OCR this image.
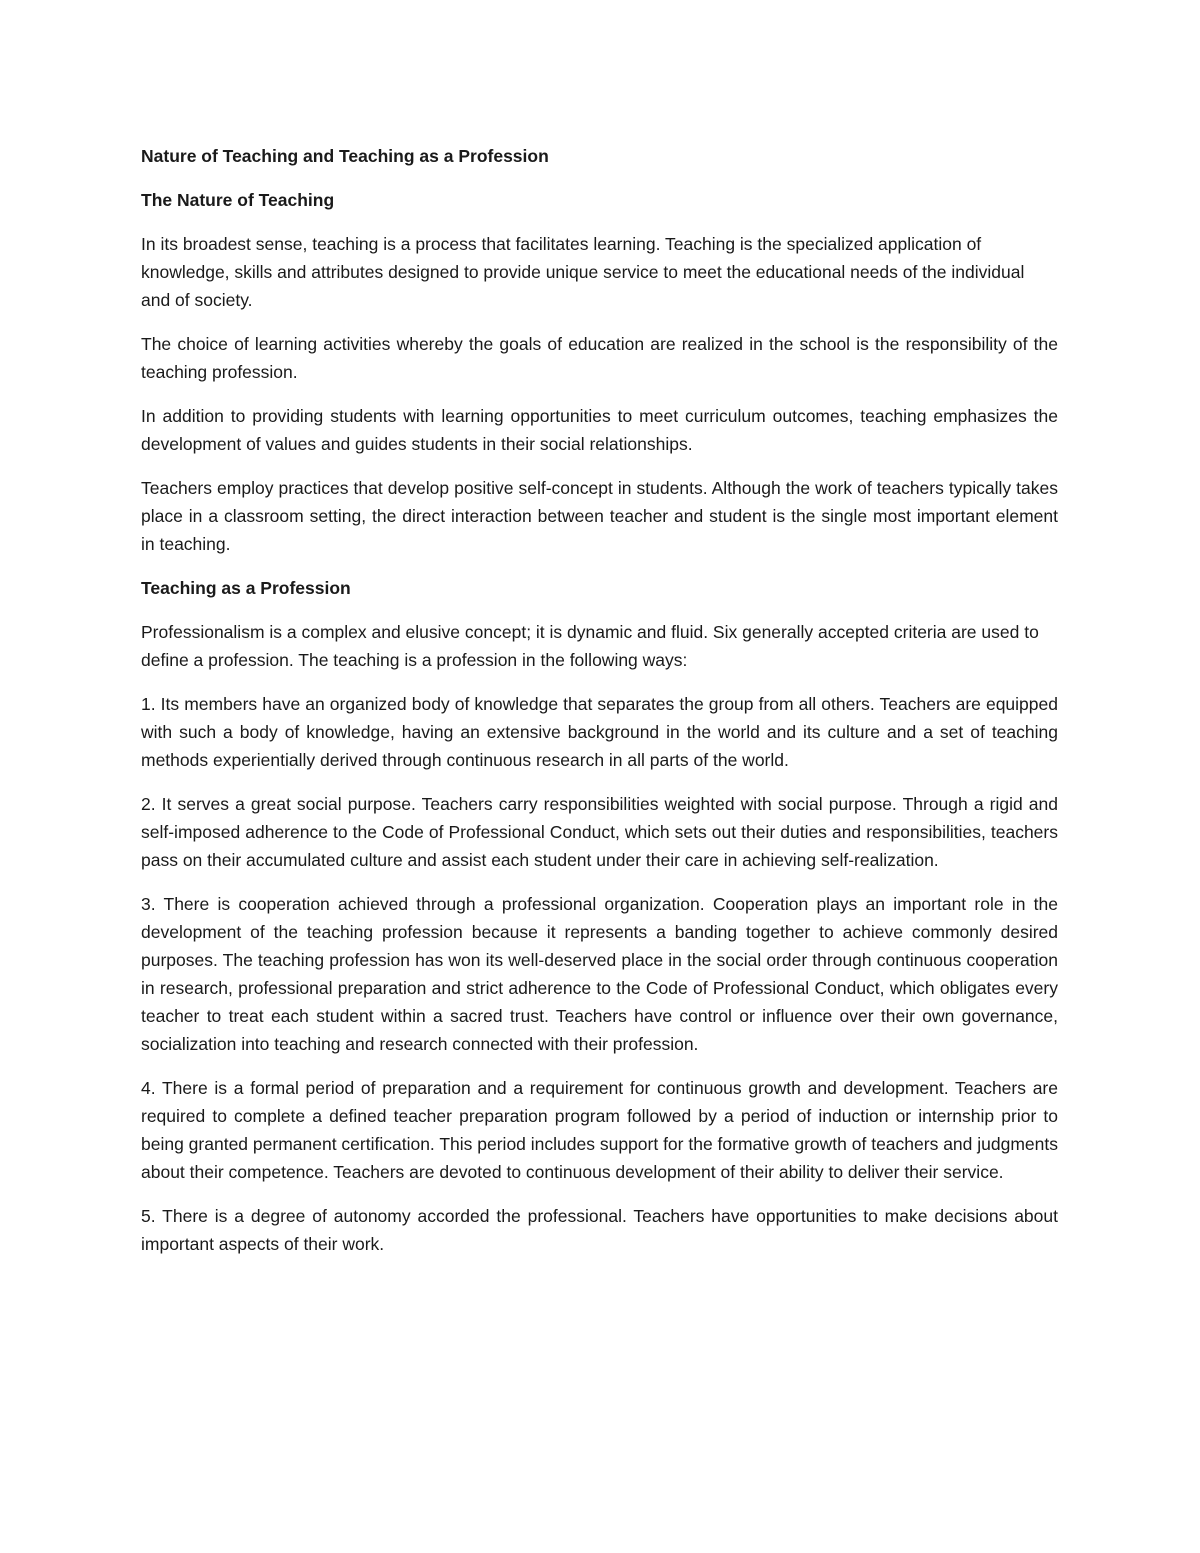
Nature of Teaching and Teaching as a Profession
The Nature of Teaching

In its broadest sense, teaching is a process that facilitates learning. Teaching is the specialized application of knowledge, skills and attributes designed to provide unique service to meet the educational needs of the individual and of society.

The choice of learning activities whereby the goals of education are realized in the school is the responsibility of the teaching profession.

In addition to providing students with learning opportunities to meet curriculum outcomes, teaching emphasizes the development of values and guides students in their social relationships.

Teachers employ practices that develop positive self-concept in students. Although the work of teachers typically takes place in a classroom setting, the direct interaction between teacher and student is the single most important element in teaching.

Teaching as a Profession

Professionalism is a complex and elusive concept; it is dynamic and fluid. Six generally accepted criteria are used to define a profession. The teaching is a profession in the following ways:

1. Its members have an organized body of knowledge that separates the group from all others. Teachers are equipped with such a body of knowledge, having an extensive background in the world and its culture and a set of teaching methods experientially derived through continuous research in all parts of the world.

2. It serves a great social purpose. Teachers carry responsibilities weighted with social purpose. Through a rigid and self-imposed adherence to the Code of Professional Conduct, which sets out their duties and responsibilities, teachers pass on their accumulated culture and assist each student under their care in achieving self-realization.

3. There is cooperation achieved through a professional organization. Cooperation plays an important role in the development of the teaching profession because it represents a banding together to achieve commonly desired purposes. The teaching profession has won its well-deserved place in the social order through continuous cooperation in research, professional preparation and strict adherence to the Code of Professional Conduct, which obligates every teacher to treat each student within a sacred trust. Teachers have control or influence over their own governance, socialization into teaching and research connected with their profession.

4. There is a formal period of preparation and a requirement for continuous growth and development. Teachers are required to complete a defined teacher preparation program followed by a period of induction or internship prior to being granted permanent certification. This period includes support for the formative growth of teachers and judgments about their competence. Teachers are devoted to continuous development of their ability to deliver their service.

5. There is a degree of autonomy accorded the professional. Teachers have opportunities to make decisions about important aspects of their work.
